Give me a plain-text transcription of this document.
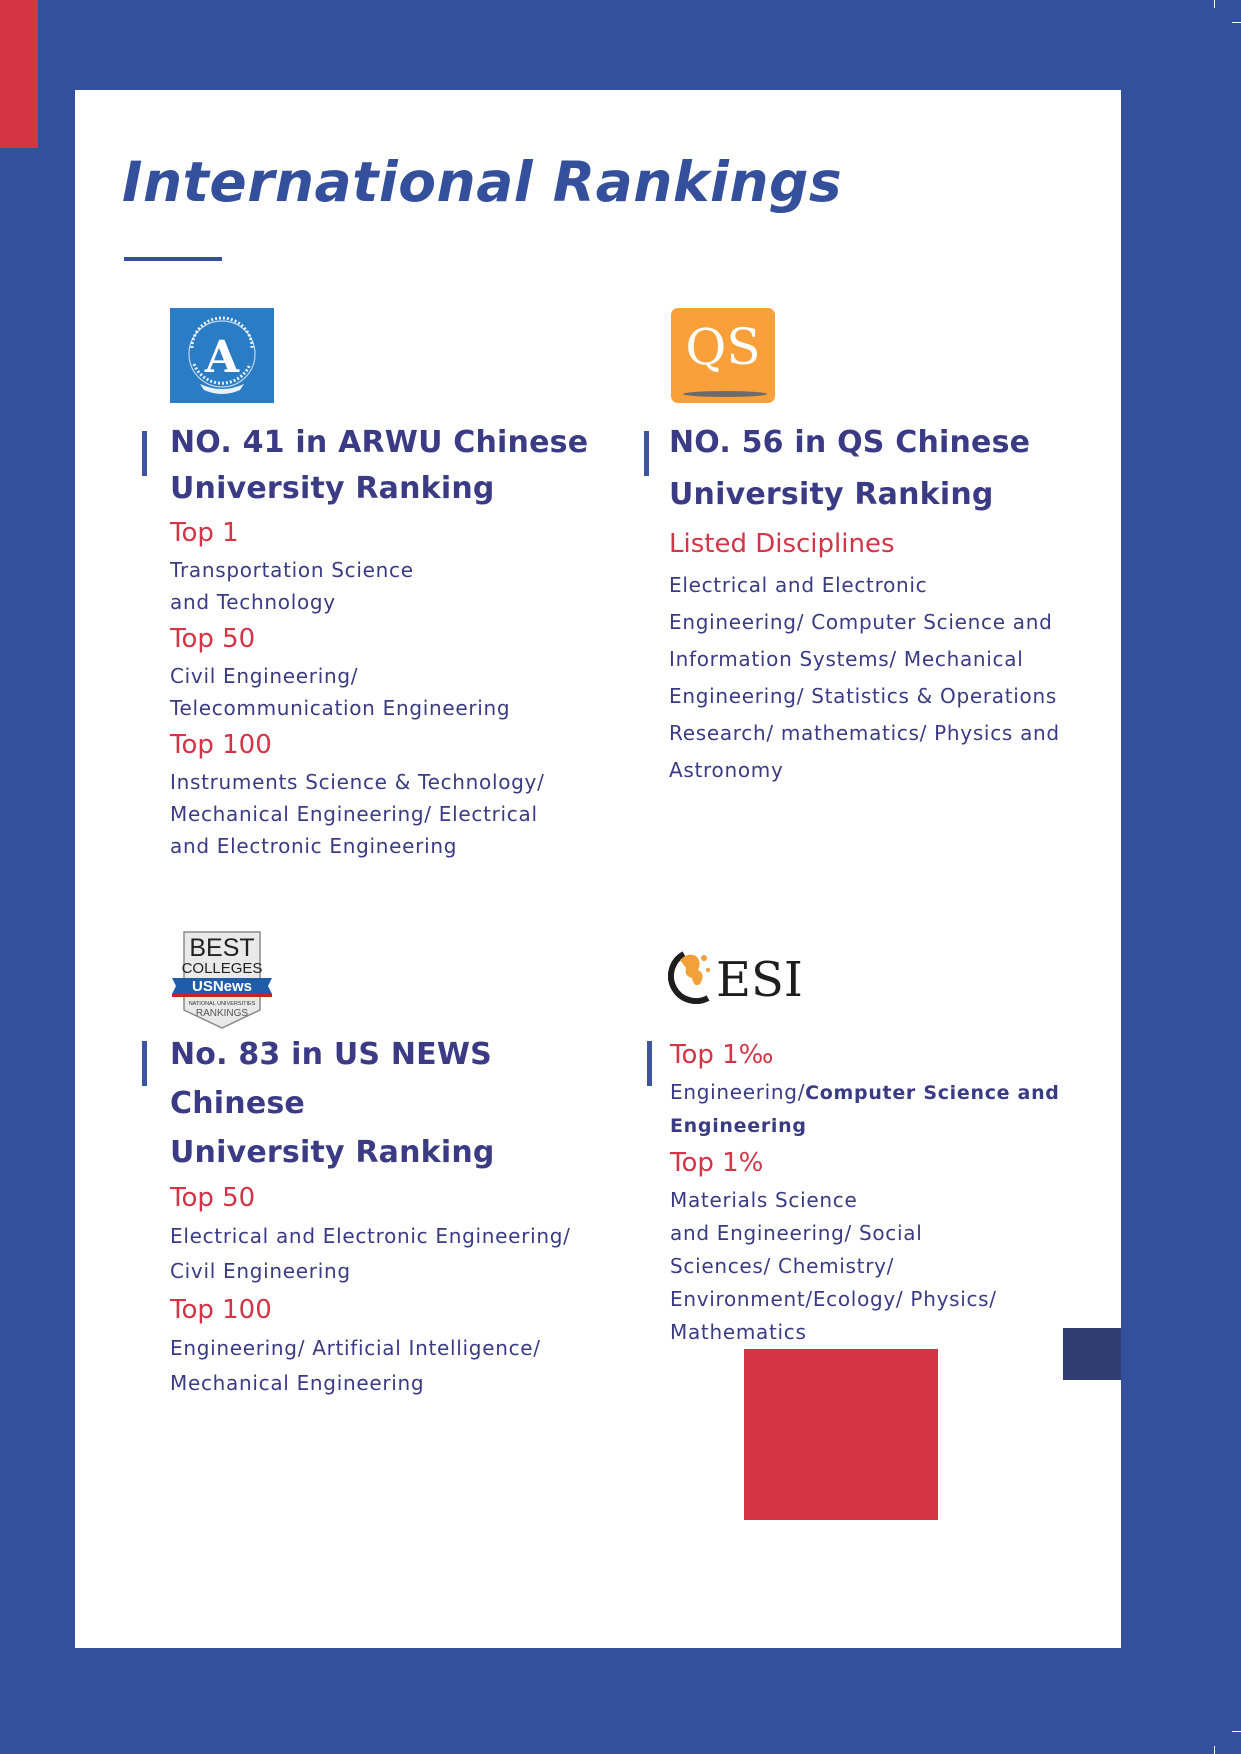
International Rankings
A	QS

NO. 41 in ARWU Chinese

University Ranking

Top 1

Transportation Science

and Technology

Top 50

Civil Engineering/

Telecommunication Engineering

Top 100

Instruments Science & Technology/

Mechanical Engineering/ Electrical

and Electronic Engineering

NO. 56 in QS Chinese

University Ranking

Listed Disciplines

Electrical and Electronic

Engineering/ Computer Science and

Information Systems/ Mechanical

Engineering/ Statistics & Operations

Research/ mathematics/ Physics and

Astronomy

BEST
COLLEGES
USNews
NATIONAL UNIVERSITIES
RANKINGS
ESI

No. 83 in US NEWS Chinese

University Ranking

Top 50

Electrical and Electronic Engineering/

Civil Engineering

Top 100

Engineering/ Artificial Intelligence/

Mechanical Engineering

Top 1‰

Engineering/Computer Science and

Engineering

Top 1%

Materials Science

and Engineering/ Social

Sciences/ Chemistry/

Environment/Ecology/ Physics/

Mathematics
